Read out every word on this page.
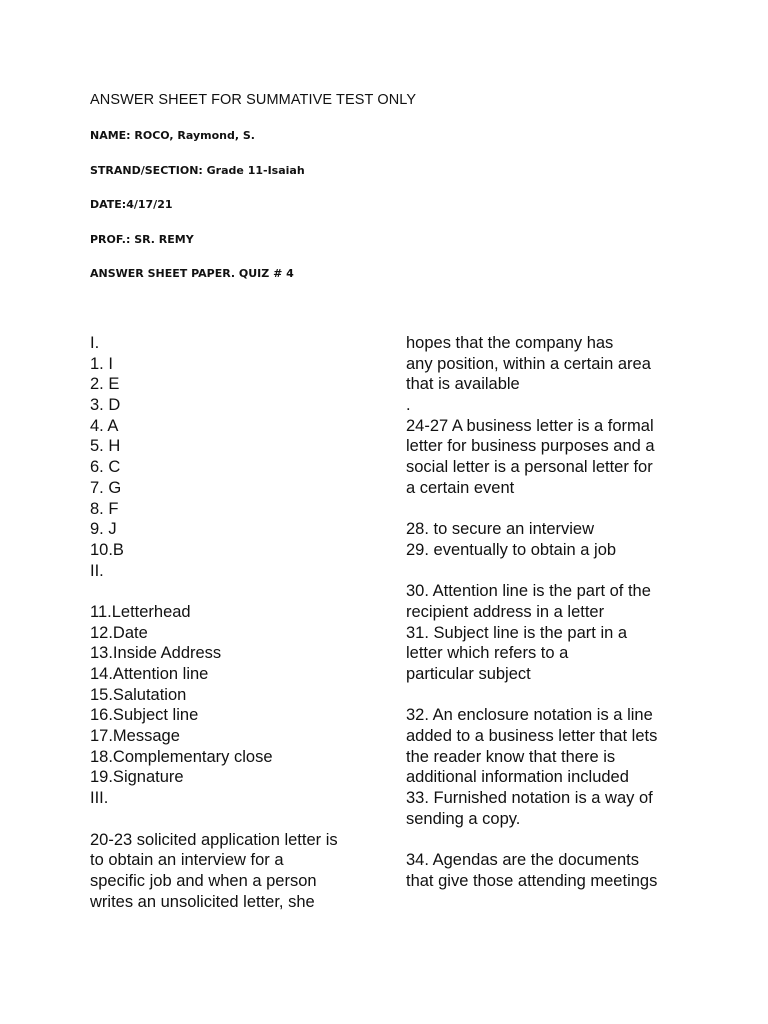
ANSWER SHEET FOR SUMMATIVE TEST ONLY
NAME: ROCO, Raymond, S.
STRAND/SECTION: Grade 11-Isaiah
DATE:4/17/21
PROF.: SR. REMY
ANSWER SHEET PAPER. QUIZ # 4
I.
1. I
2. E
3. D
4. A
5. H
6. C
7. G
8. F
9. J
10.B
II.
11.Letterhead
12.Date
13.Inside Address
14.Attention line
15.Salutation
16.Subject line
17.Message
18.Complementary close
19.Signature
III.
20-23 solicited application letter is
to obtain an interview for a
specific job and when a person
writes an unsolicited letter, she
hopes that the company has
any position, within a certain area
that is available
.
24-27 A business letter is a formal
letter for business purposes and a
social letter is a personal letter for
a certain event
28. to secure an interview
29. eventually to obtain a job
30. Attention line is the part of the
recipient address in a letter
31. Subject line is the part in a
letter which refers to a
particular subject
32. An enclosure notation is a line
added to a business letter that lets
the reader know that there is
additional information included
33. Furnished notation is a way of
sending a copy.
34. Agendas are the documents
that give those attending meetings
